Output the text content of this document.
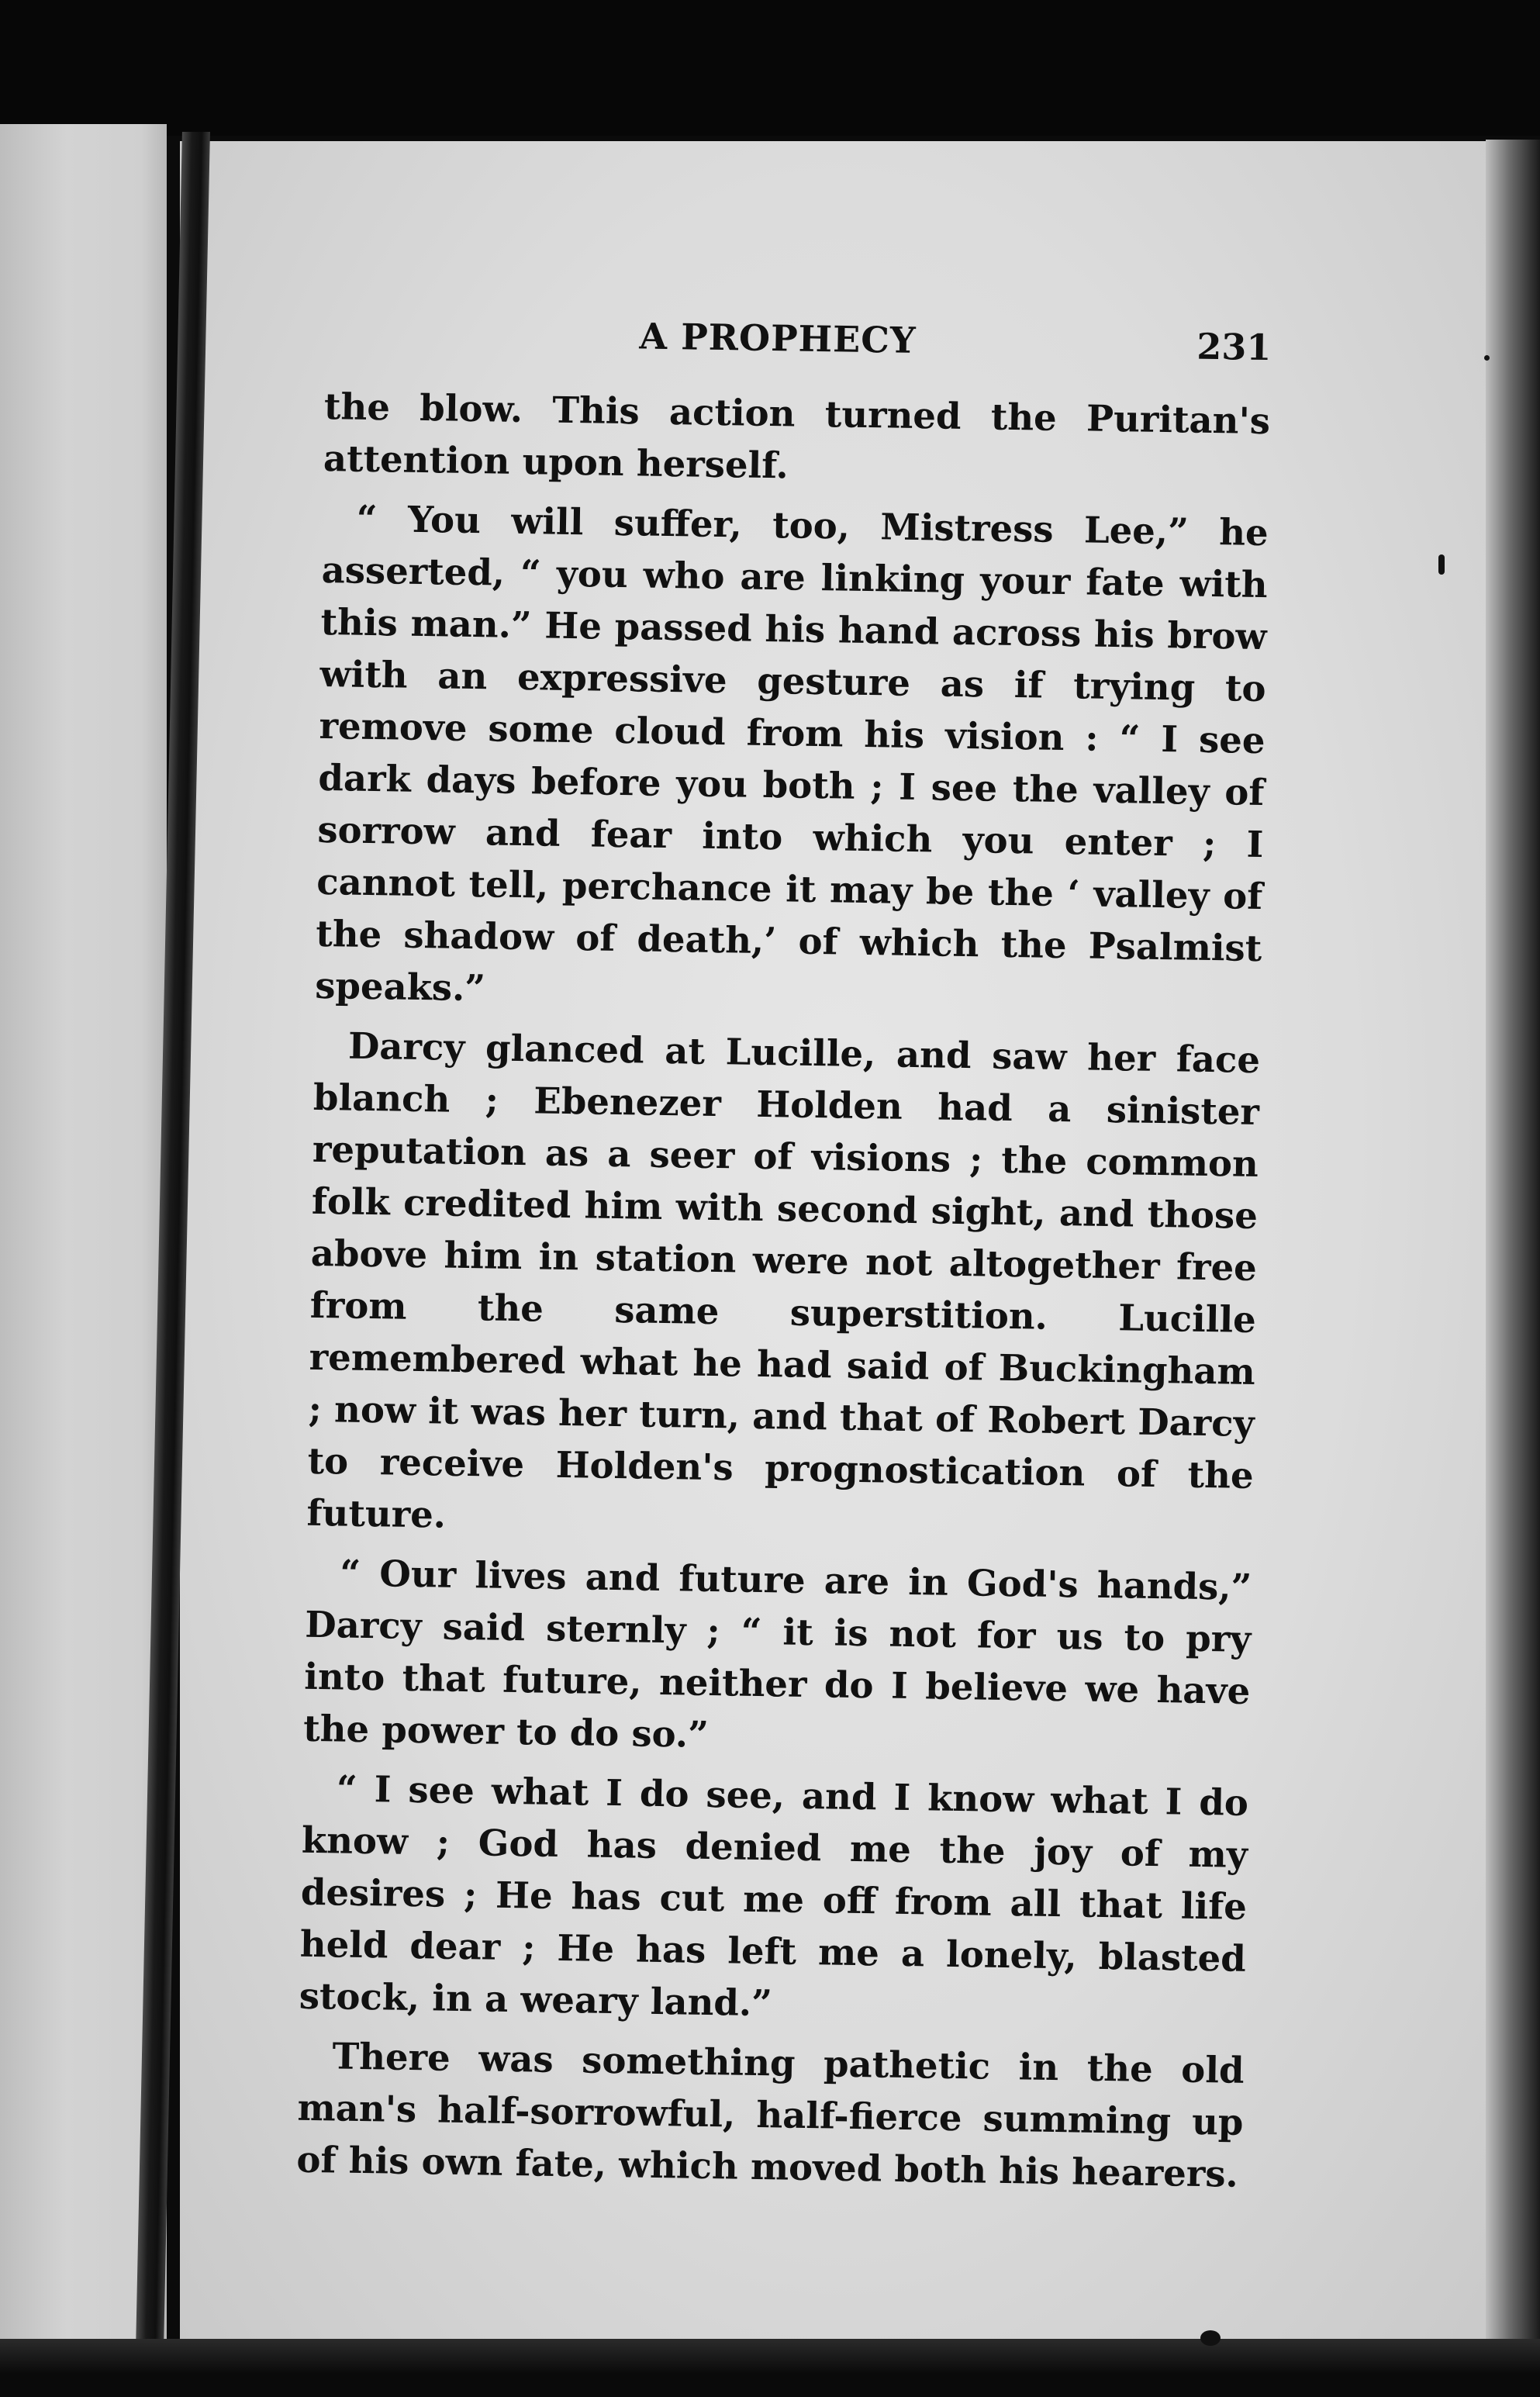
A PROPHECY	231

the blow. This action turned the Puritan's attention upon herself.

“ You will suffer, too, Mistress Lee,” he asserted, “ you who are linking your fate with this man.” He passed his hand across his brow with an expressive gesture as if trying to remove some cloud from his vision : “ I see dark days before you both ; I see the valley of sorrow and fear into which you enter ; I cannot tell, perchance it may be the ‘ valley of the shadow of death,’ of which the Psalmist speaks.”

Darcy glanced at Lucille, and saw her face blanch ; Ebenezer Holden had a sinister reputation as a seer of visions ; the common folk credited him with second sight, and those above him in station were not altogether free from the same superstition. Lucille remembered what he had said of Buckingham ; now it was her turn, and that of Robert Darcy to receive Holden's prognostication of the future.

“ Our lives and future are in God's hands,” Darcy said sternly ; “ it is not for us to pry into that future, neither do I believe we have the power to do so.”

“ I see what I do see, and I know what I do know ; God has denied me the joy of my desires ; He has cut me off from all that life held dear ; He has left me a lonely, blasted stock, in a weary land.”

There was something pathetic in the old man's half-sorrowful, half-fierce summing up of his own fate, which moved both his hearers.
